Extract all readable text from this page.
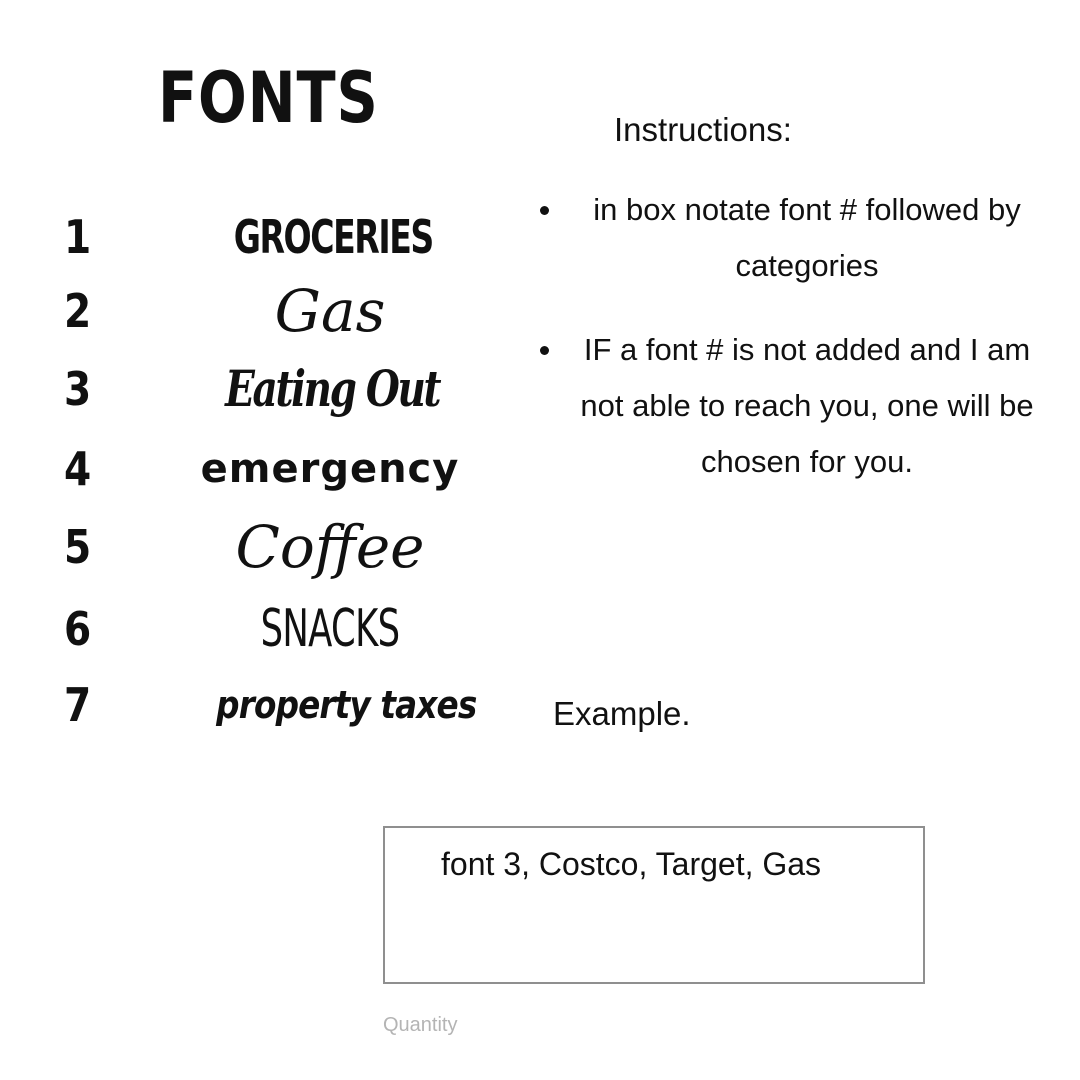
FONTS
1	GROCERIES
2	Gas
3	Eating Out
4	emergency
5	Coffee
6	SNACKS
7	property taxes
Instructions:
in box notate font # followed by categories
IF a font # is not added and I am not able to reach you, one will be chosen for you.
Example.
font 3, Costco, Target, Gas
Quantity
